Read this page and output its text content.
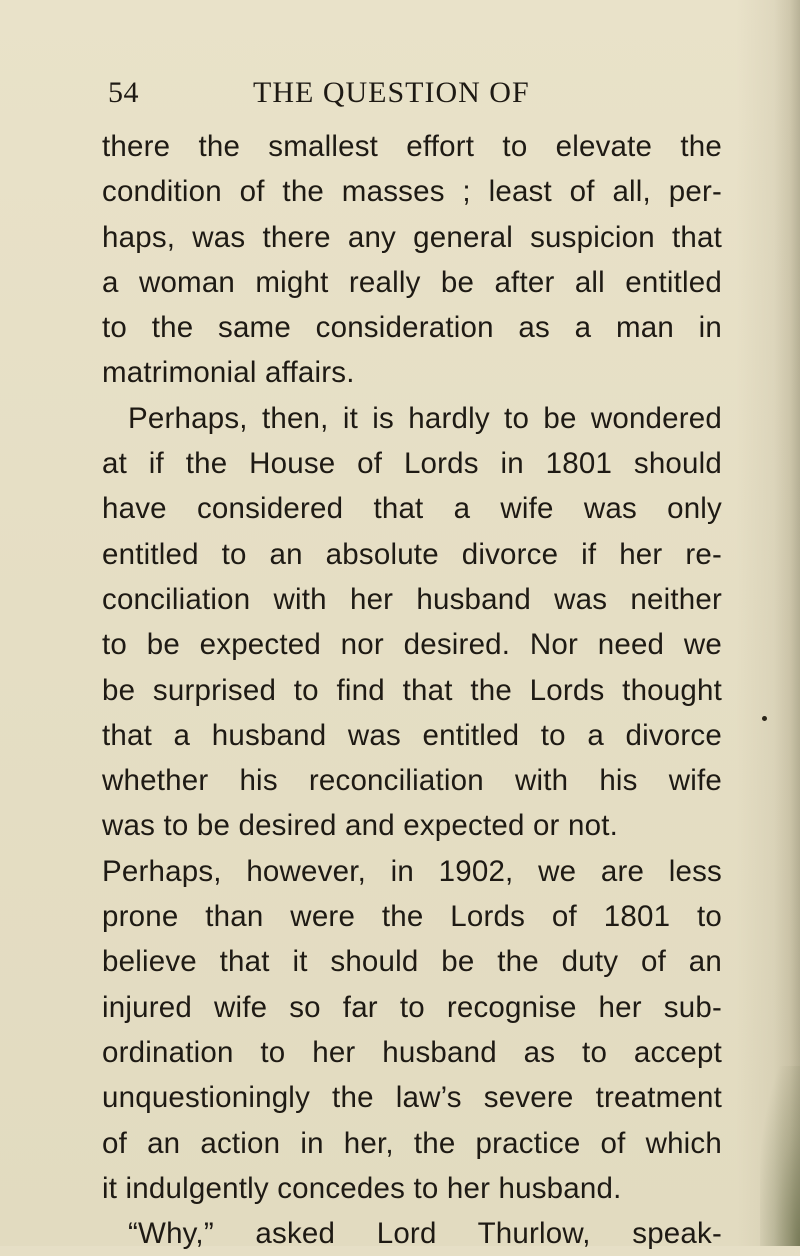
54	THE QUESTION OF
there the smallest effort to elevate the
condition of the masses ; least of all, per-
haps, was there any general suspicion that
a woman might really be after all entitled
to the same consideration as a man in
matrimonial affairs.
Perhaps, then, it is hardly to be wondered
at if the House of Lords in 1801 should
have considered that a wife was only
entitled to an absolute divorce if her re-
conciliation with her husband was neither
to be expected nor desired. Nor need we
be surprised to find that the Lords thought
that a husband was entitled to a divorce
whether his reconciliation with his wife
was to be desired and expected or not.
Perhaps, however, in 1902, we are less
prone than were the Lords of 1801 to
believe that it should be the duty of an
injured wife so far to recognise her sub-
ordination to her husband as to accept
unquestioningly the law’s severe treatment
of an action in her, the practice of which
it indulgently concedes to her husband.
“Why,” asked Lord Thurlow, speak-
